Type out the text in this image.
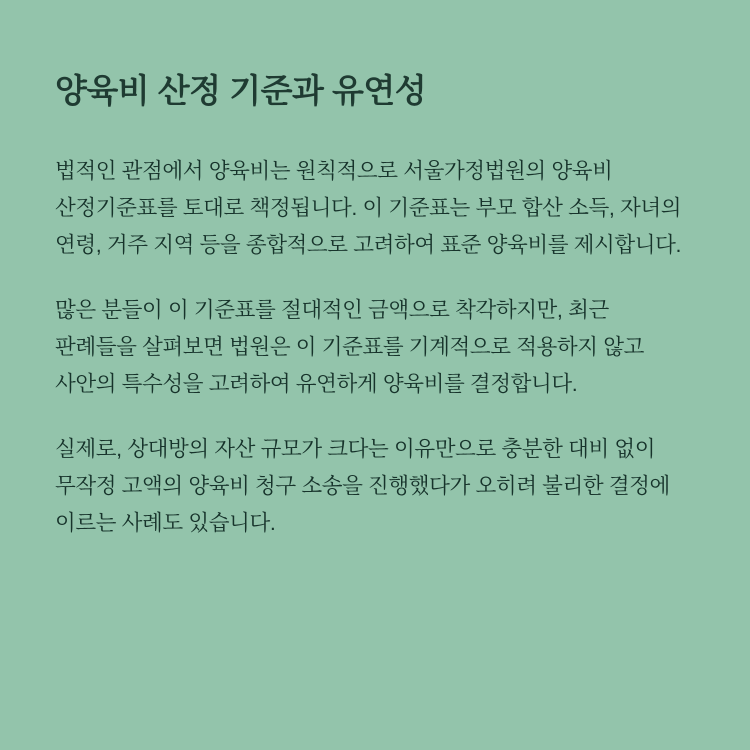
양육비 산정 기준과 유연성

법적인 관점에서 양육비는 원칙적으로 서울가정법원의 양육비 산정기준표를 토대로 책정됩니다. 이 기준표는 부모 합산 소득, 자녀의 연령, 거주 지역 등을 종합적으로 고려하여 표준 양육비를 제시합니다.

많은 분들이 이 기준표를 절대적인 금액으로 착각하지만, 최근 판례들을 살펴보면 법원은 이 기준표를 기계적으로 적용하지 않고 사안의 특수성을 고려하여 유연하게 양육비를 결정합니다.

실제로, 상대방의 자산 규모가 크다는 이유만으로 충분한 대비 없이 무작정 고액의 양육비 청구 소송을 진행했다가 오히려 불리한 결정에 이르는 사례도 있습니다.
